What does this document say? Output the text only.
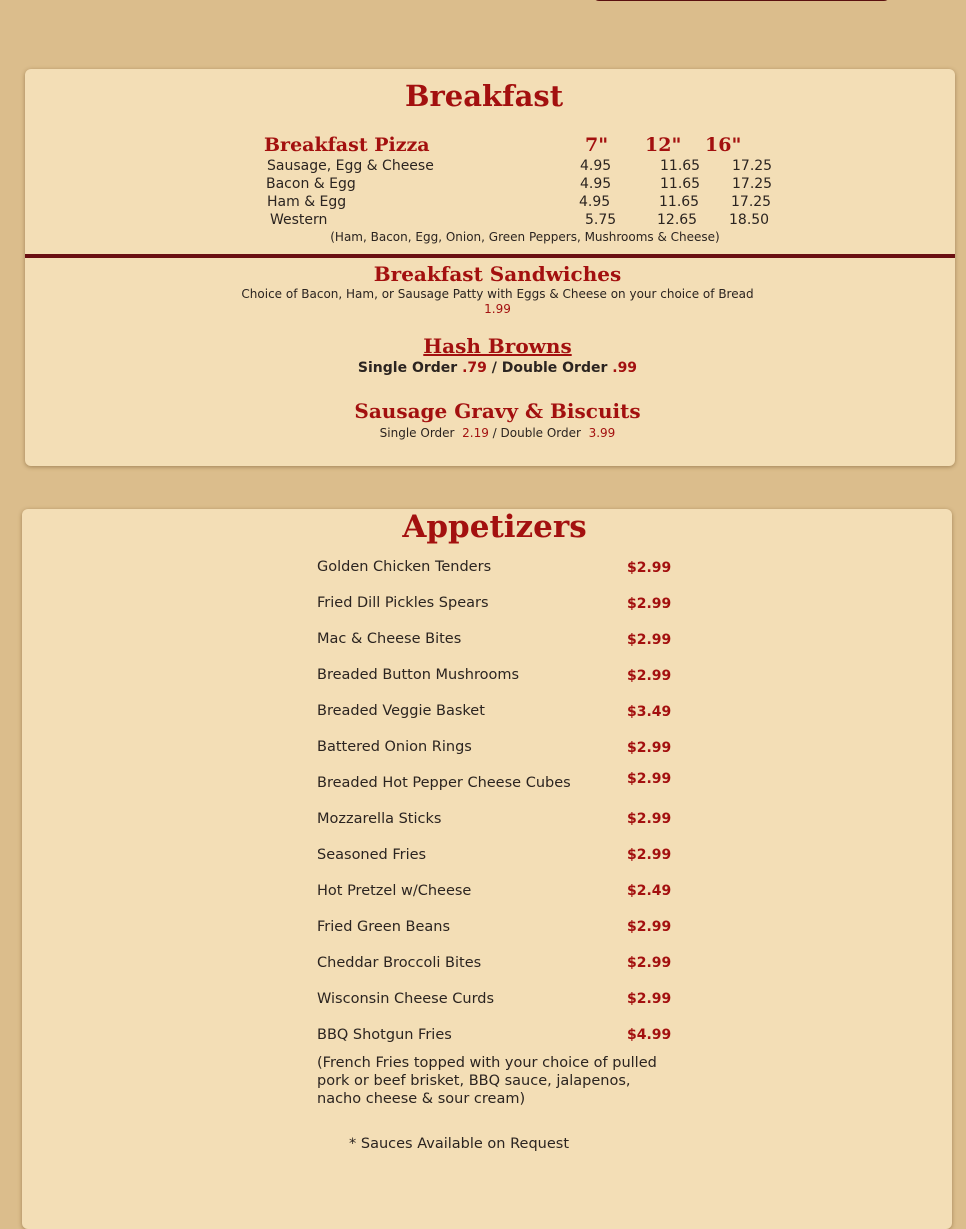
Breakfast
Breakfast Pizza	7" 12" 16"
Sausage, Egg & Cheese	4.95	11.65 17.25
Bacon & Egg	4.95	11.65 17.25
Ham & Egg	4.95	11.65 17.25
Western	5.75	12.65 18.50
(Ham, Bacon, Egg, Onion, Green Peppers, Mushrooms & Cheese)
Breakfast Sandwiches
Choice of Bacon, Ham, or Sausage Patty with Eggs & Cheese on your choice of Bread
1.99
Hash Browns
Single Order .79 / Double Order .99
Sausage Gravy & Biscuits
Single Order 2.19 / Double Order 3.99
Appetizers
Golden Chicken Tenders	$2.99
Fried Dill Pickles Spears	$2.99
Mac & Cheese Bites	$2.99
Breaded Button Mushrooms	$2.99
Breaded Veggie Basket	$3.49
Battered Onion Rings	$2.99
Breaded Hot Pepper Cheese Cubes	$2.99
Mozzarella Sticks	$2.99
Seasoned Fries	$2.99
Hot Pretzel w/Cheese	$2.49
Fried Green Beans	$2.99
Cheddar Broccoli Bites	$2.99
Wisconsin Cheese Curds	$2.99
BBQ Shotgun Fries	$4.99
(French Fries topped with your choice of pulled pork or beef brisket, BBQ sauce, jalapenos, nacho cheese & sour cream)
* Sauces Available on Request
